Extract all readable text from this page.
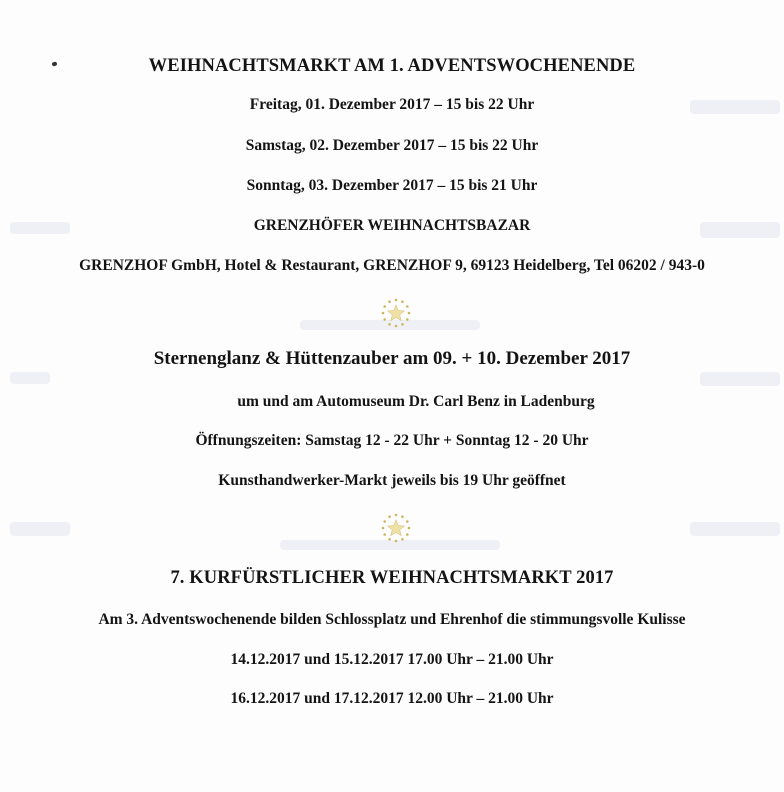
WEIHNACHTSMARKT AM 1. ADVENTSWOCHENENDE
Freitag, 01. Dezember 2017 – 15 bis 22 Uhr
Samstag, 02. Dezember 2017 – 15 bis 22 Uhr
Sonntag, 03. Dezember 2017 – 15 bis 21 Uhr
GRENZHÖFER WEIHNACHTSBAZAR
GRENZHOF GmbH, Hotel & Restaurant, GRENZHOF 9, 69123 Heidelberg, Tel 06202 / 943-0
Sternenglanz & Hüttenzauber am 09. + 10. Dezember 2017
um und am Automuseum Dr. Carl Benz in Ladenburg
Öffnungszeiten: Samstag 12 - 22 Uhr + Sonntag 12 - 20 Uhr
Kunsthandwerker-Markt jeweils bis 19 Uhr geöffnet
7. KURFÜRSTLICHER WEIHNACHTSMARKT 2017
Am 3. Adventswochenende bilden Schlossplatz und Ehrenhof die stimmungsvolle Kulisse
14.12.2017 und 15.12.2017 17.00 Uhr – 21.00 Uhr
16.12.2017 und 17.12.2017 12.00 Uhr – 21.00 Uhr
